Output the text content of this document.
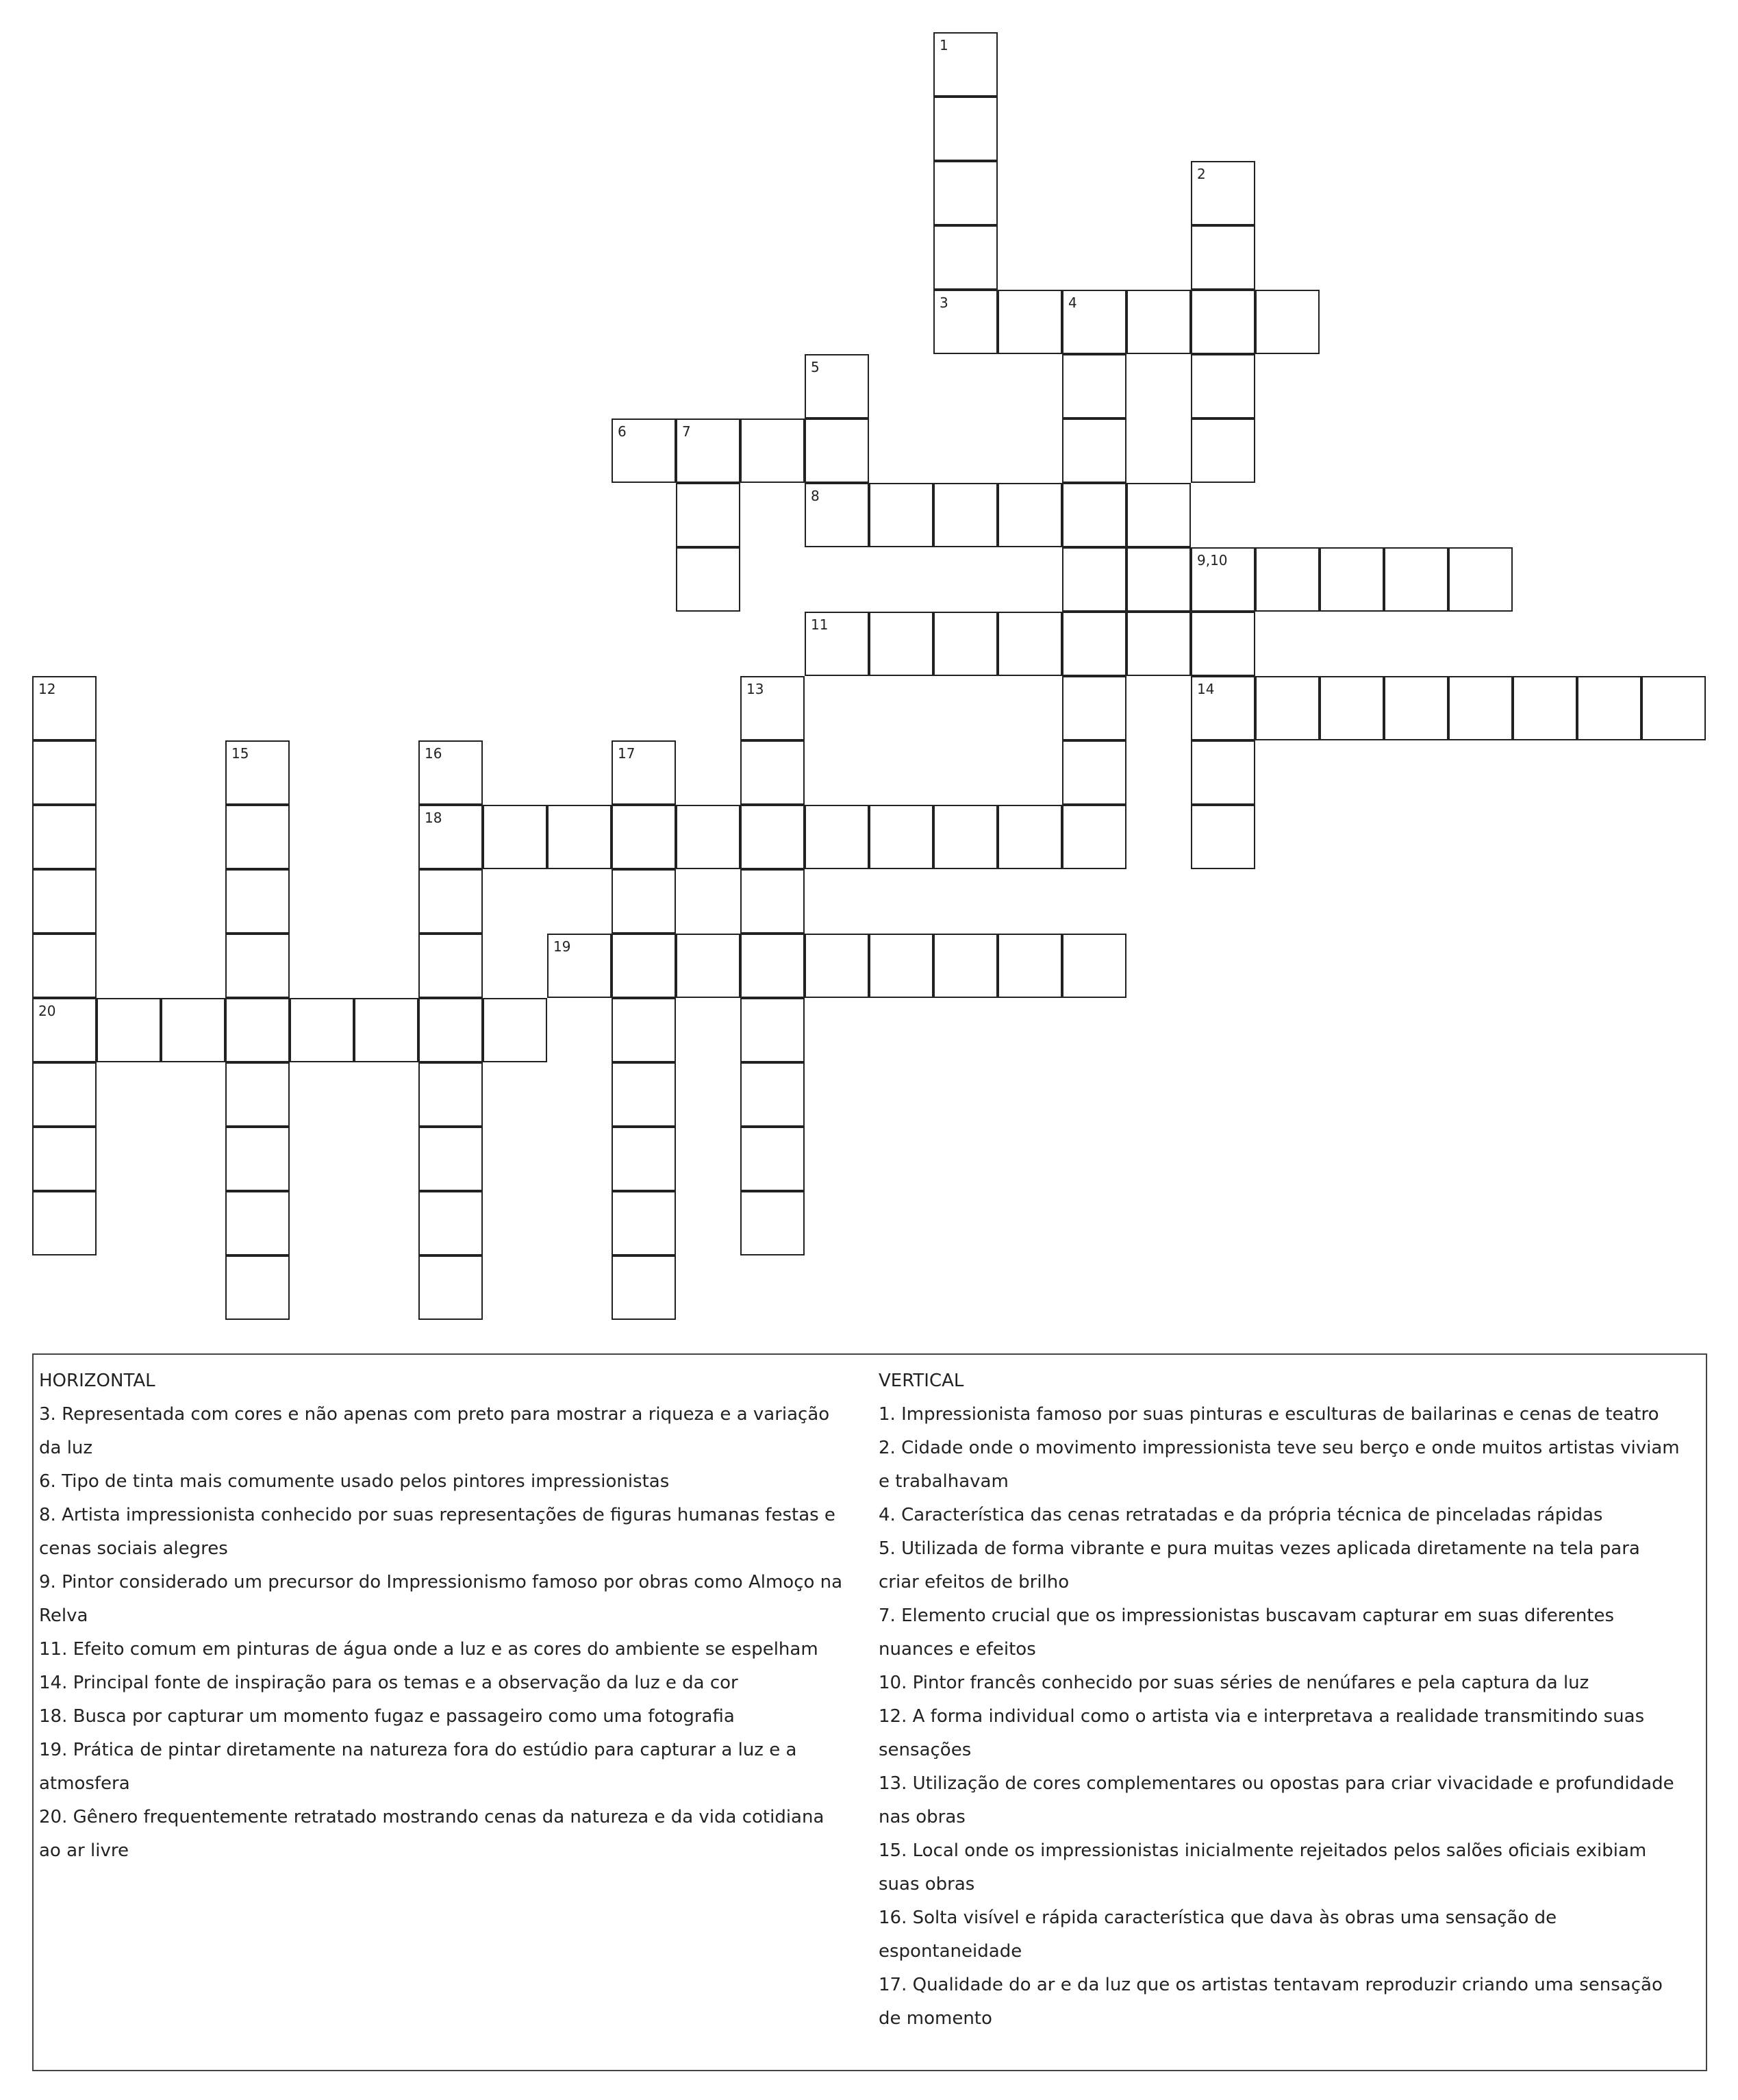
1
2
3	4
5
6	7
8
9,10
11
12	13	14
15	16	17
18
19
20

HORIZONTAL

3. Representada com cores e não apenas com preto para mostrar a riqueza e a variação

da luz

6. Tipo de tinta mais comumente usado pelos pintores impressionistas

8. Artista impressionista conhecido por suas representações de figuras humanas festas e

cenas sociais alegres

9. Pintor considerado um precursor do Impressionismo famoso por obras como Almoço na

Relva

11. Efeito comum em pinturas de água onde a luz e as cores do ambiente se espelham

14. Principal fonte de inspiração para os temas e a observação da luz e da cor

18. Busca por capturar um momento fugaz e passageiro como uma fotografia

19. Prática de pintar diretamente na natureza fora do estúdio para capturar a luz e a

atmosfera

20. Gênero frequentemente retratado mostrando cenas da natureza e da vida cotidiana

ao ar livre

VERTICAL

1. Impressionista famoso por suas pinturas e esculturas de bailarinas e cenas de teatro

2. Cidade onde o movimento impressionista teve seu berço e onde muitos artistas viviam

e trabalhavam

4. Característica das cenas retratadas e da própria técnica de pinceladas rápidas

5. Utilizada de forma vibrante e pura muitas vezes aplicada diretamente na tela para

criar efeitos de brilho

7. Elemento crucial que os impressionistas buscavam capturar em suas diferentes

nuances e efeitos

10. Pintor francês conhecido por suas séries de nenúfares e pela captura da luz

12. A forma individual como o artista via e interpretava a realidade transmitindo suas

sensações

13. Utilização de cores complementares ou opostas para criar vivacidade e profundidade

nas obras

15. Local onde os impressionistas inicialmente rejeitados pelos salões oficiais exibiam

suas obras

16. Solta visível e rápida característica que dava às obras uma sensação de

espontaneidade

17. Qualidade do ar e da luz que os artistas tentavam reproduzir criando uma sensação

de momento
